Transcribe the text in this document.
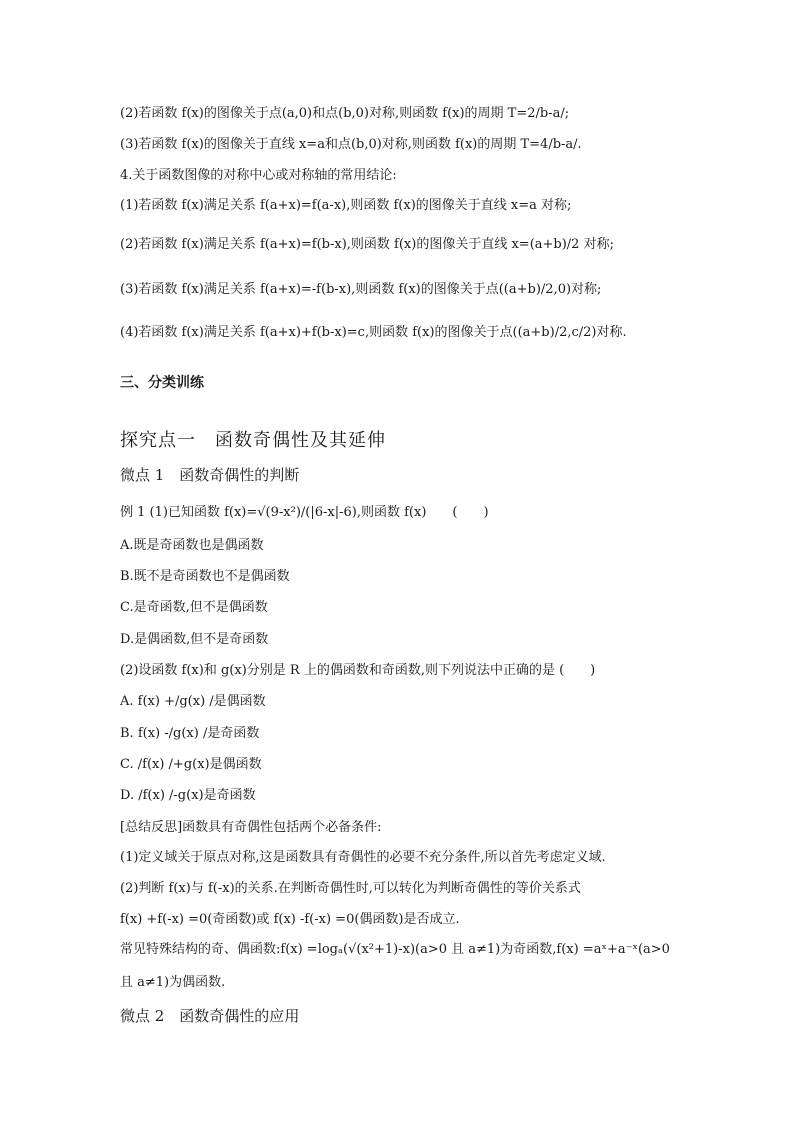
(2)若函数 f(x)的图像关于点(a,0)和点(b,0)对称,则函数 f(x)的周期 T=2/b-a/;
(3)若函数 f(x)的图像关于直线 x=a和点(b,0)对称,则函数 f(x)的周期 T=4/b-a/.
4.关于函数图像的对称中心或对称轴的常用结论:
(1)若函数 f(x)满足关系 f(a+x)=f(a-x),则函数 f(x)的图像关于直线 x=a 对称;
(2)若函数 f(x)满足关系 f(a+x)=f(b-x),则函数 f(x)的图像关于直线 x=(a+b)/2 对称;
(3)若函数 f(x)满足关系 f(a+x)=-f(b-x),则函数 f(x)的图像关于点((a+b)/2,0)对称;
(4)若函数 f(x)满足关系 f(a+x)+f(b-x)=c,则函数 f(x)的图像关于点((a+b)/2,c/2)对称.
三、分类训练
探究点一　函数奇偶性及其延伸
微点 1　函数奇偶性的判断
例 1 (1)已知函数 f(x)=√(9-x²)/(|6-x|-6),则函数 f(x)　　(　　)
A.既是奇函数也是偶函数
B.既不是奇函数也不是偶函数
C.是奇函数,但不是偶函数
D.是偶函数,但不是奇函数
(2)设函数 f(x)和 g(x)分别是 R 上的偶函数和奇函数,则下列说法中正确的是 (　　)
A. f(x) +/g(x) /是偶函数
B. f(x) -/g(x) /是奇函数
C. /f(x) /+g(x)是偶函数
D. /f(x) /-g(x)是奇函数
[总结反思]函数具有奇偶性包括两个必备条件:
(1)定义域关于原点对称,这是函数具有奇偶性的必要不充分条件,所以首先考虑定义域.
(2)判断 f(x)与 f(-x)的关系.在判断奇偶性时,可以转化为判断奇偶性的等价关系式
f(x) +f(-x) =0(奇函数)或 f(x) -f(-x) =0(偶函数)是否成立.
常见特殊结构的奇、偶函数:f(x) =logₐ(√(x²+1)-x)(a>0 且 a≠1)为奇函数,f(x) =aˣ+a⁻ˣ(a>0
且 a≠1)为偶函数.
微点 2　函数奇偶性的应用
